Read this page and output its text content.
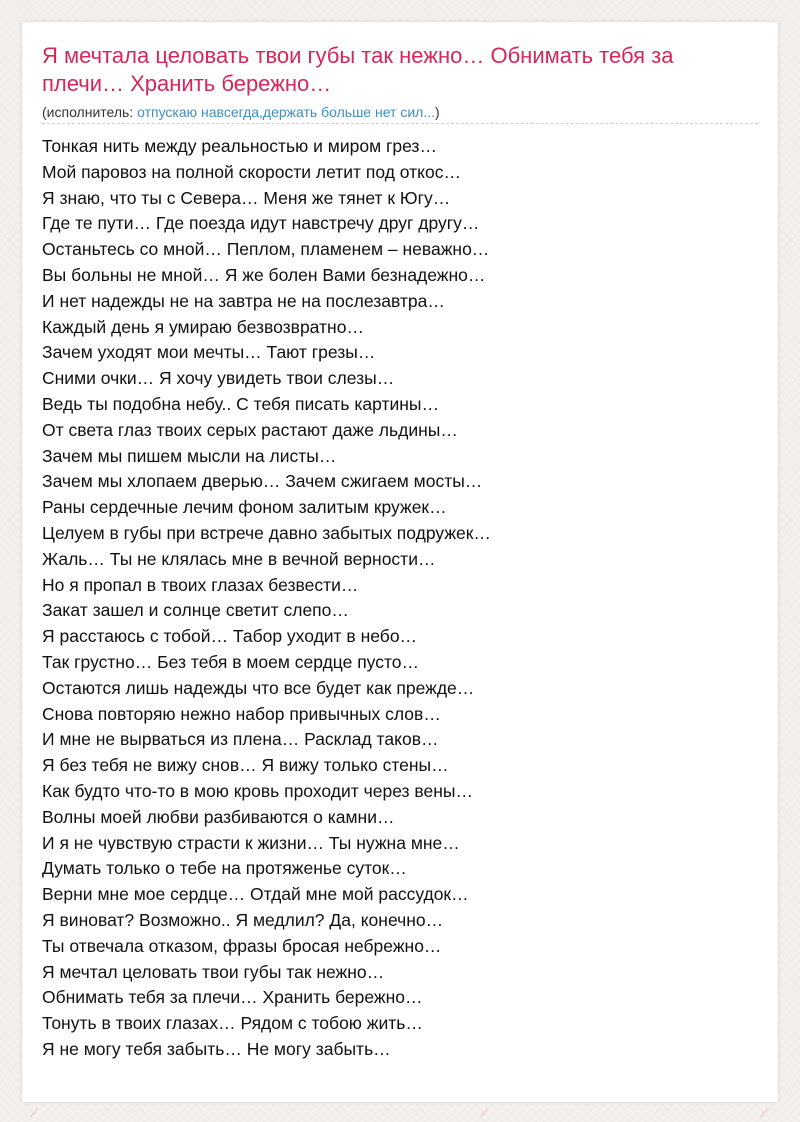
Я мечтала целовать твои губы так нежно… Обнимать тебя за плечи… Хранить бережно…
(исполнитель: отпускаю навсегда,держать больше нет сил...)
Тонкая нить между реальностью и миром грез…
Мой паровоз на полной скорости летит под откос…
Я знаю, что ты с Севера… Меня же тянет к Югу…
Где те пути… Где поезда идут навстречу друг другу…
Останьтесь со мной… Пеплом, пламенем – неважно…
Вы больны не мной… Я же болен Вами безнадежно…
И нет надежды не на завтра не на послезавтра…
Каждый день я умираю безвозвратно…
Зачем уходят мои мечты… Тают грезы…
Сними очки… Я хочу увидеть твои слезы…
Ведь ты подобна небу.. С тебя писать картины…
От света глаз твоих серых растают даже льдины…
Зачем мы пишем мысли на листы…
Зачем мы хлопаем дверью… Зачем сжигаем мосты…
Раны сердечные лечим фоном залитым кружек…
Целуем в губы при встрече давно забытых подружек…
Жаль… Ты не клялась мне в вечной верности…
Но я пропал в твоих глазах безвести…
Закат зашел и солнце светит слепо…
Я расстаюсь с тобой… Табор уходит в небо…
Так грустно… Без тебя в моем сердце пусто…
Остаются лишь надежды что все будет как прежде…
Снова повторяю нежно набор привычных слов…
И мне не вырваться из плена… Расклад таков…
Я без тебя не вижу снов… Я вижу только стены…
Как будто что-то в мою кровь проходит через вены…
Волны моей любви разбиваются о камни…
И я не чувствую страсти к жизни… Ты нужна мне…
Думать только о тебе на протяженье суток…
Верни мне мое сердце… Отдай мне мой рассудок…
Я виноват? Возможно.. Я медлил? Да, конечно…
Ты отвечала отказом, фразы бросая небрежно…
Я мечтал целовать твои губы так нежно…
Обнимать тебя за плечи… Хранить бережно…
Тонуть в твоих глазах… Рядом с тобою жить…
Я не могу тебя забыть… Не могу забыть…
⟋	⟋	⟋
